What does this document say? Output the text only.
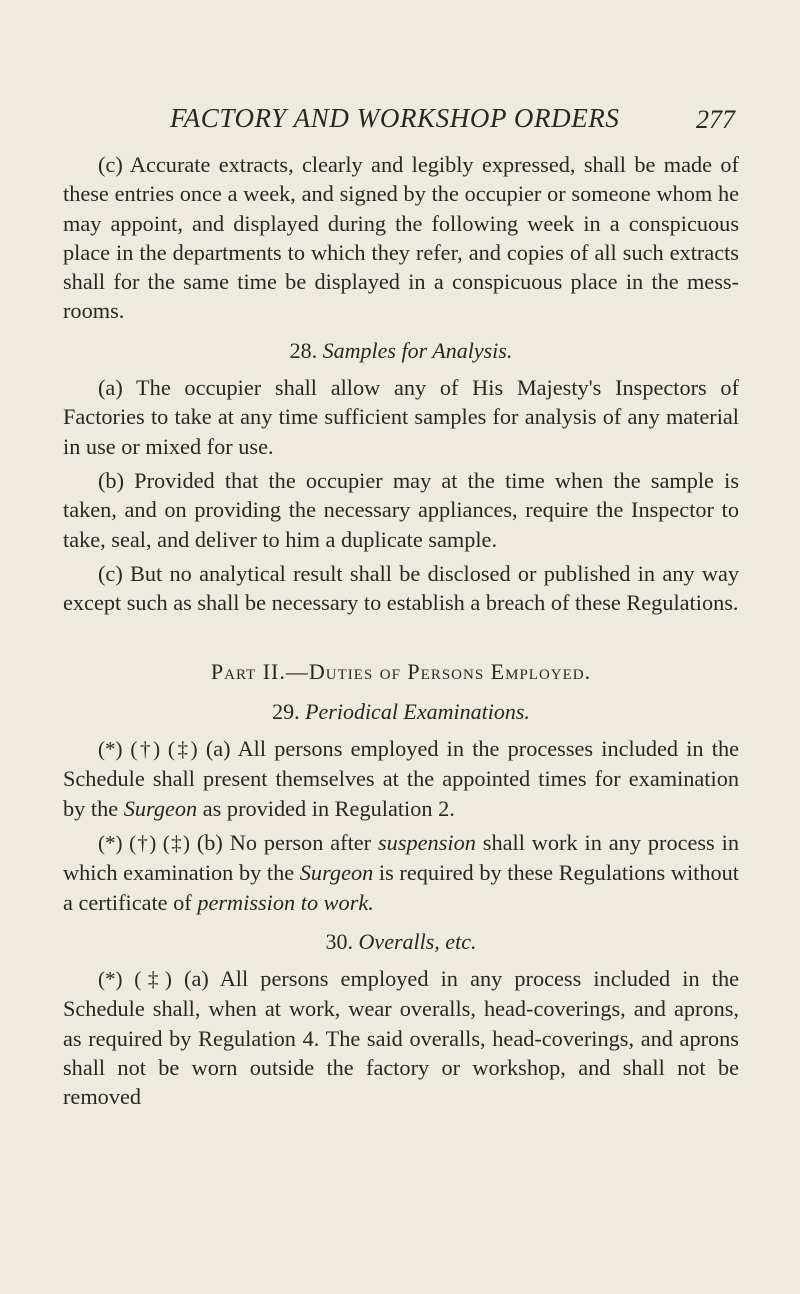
FACTORY AND WORKSHOP ORDERS	277

(c) Accurate extracts, clearly and legibly expressed, shall be made of these entries once a week, and signed by the occupier or someone whom he may appoint, and displayed during the following week in a conspicuous place in the departments to which they refer, and copies of all such extracts shall for the same time be displayed in a conspicuous place in the mess-rooms.

28. Samples for Analysis.

(a) The occupier shall allow any of His Majesty's Inspectors of Factories to take at any time sufficient samples for analysis of any material in use or mixed for use.

(b) Provided that the occupier may at the time when the sample is taken, and on providing the necessary appliances, require the Inspector to take, seal, and deliver to him a duplicate sample.

(c) But no analytical result shall be disclosed or published in any way except such as shall be necessary to establish a breach of these Regulations.

Part II.—Duties of Persons Employed.
29. Periodical Examinations.

(*) (†) (‡) (a) All persons employed in the processes included in the Schedule shall present themselves at the appointed times for examination by the Surgeon as provided in Regulation 2.

(*) (†) (‡) (b) No person after suspension shall work in any process in which examination by the Surgeon is required by these Regulations without a certificate of permission to work.

30. Overalls, etc.

(*) (‡) (a) All persons employed in any process included in the Schedule shall, when at work, wear overalls, head-coverings, and aprons, as required by Regulation 4. The said overalls, head-coverings, and aprons shall not be worn outside the factory or workshop, and shall not be removed
